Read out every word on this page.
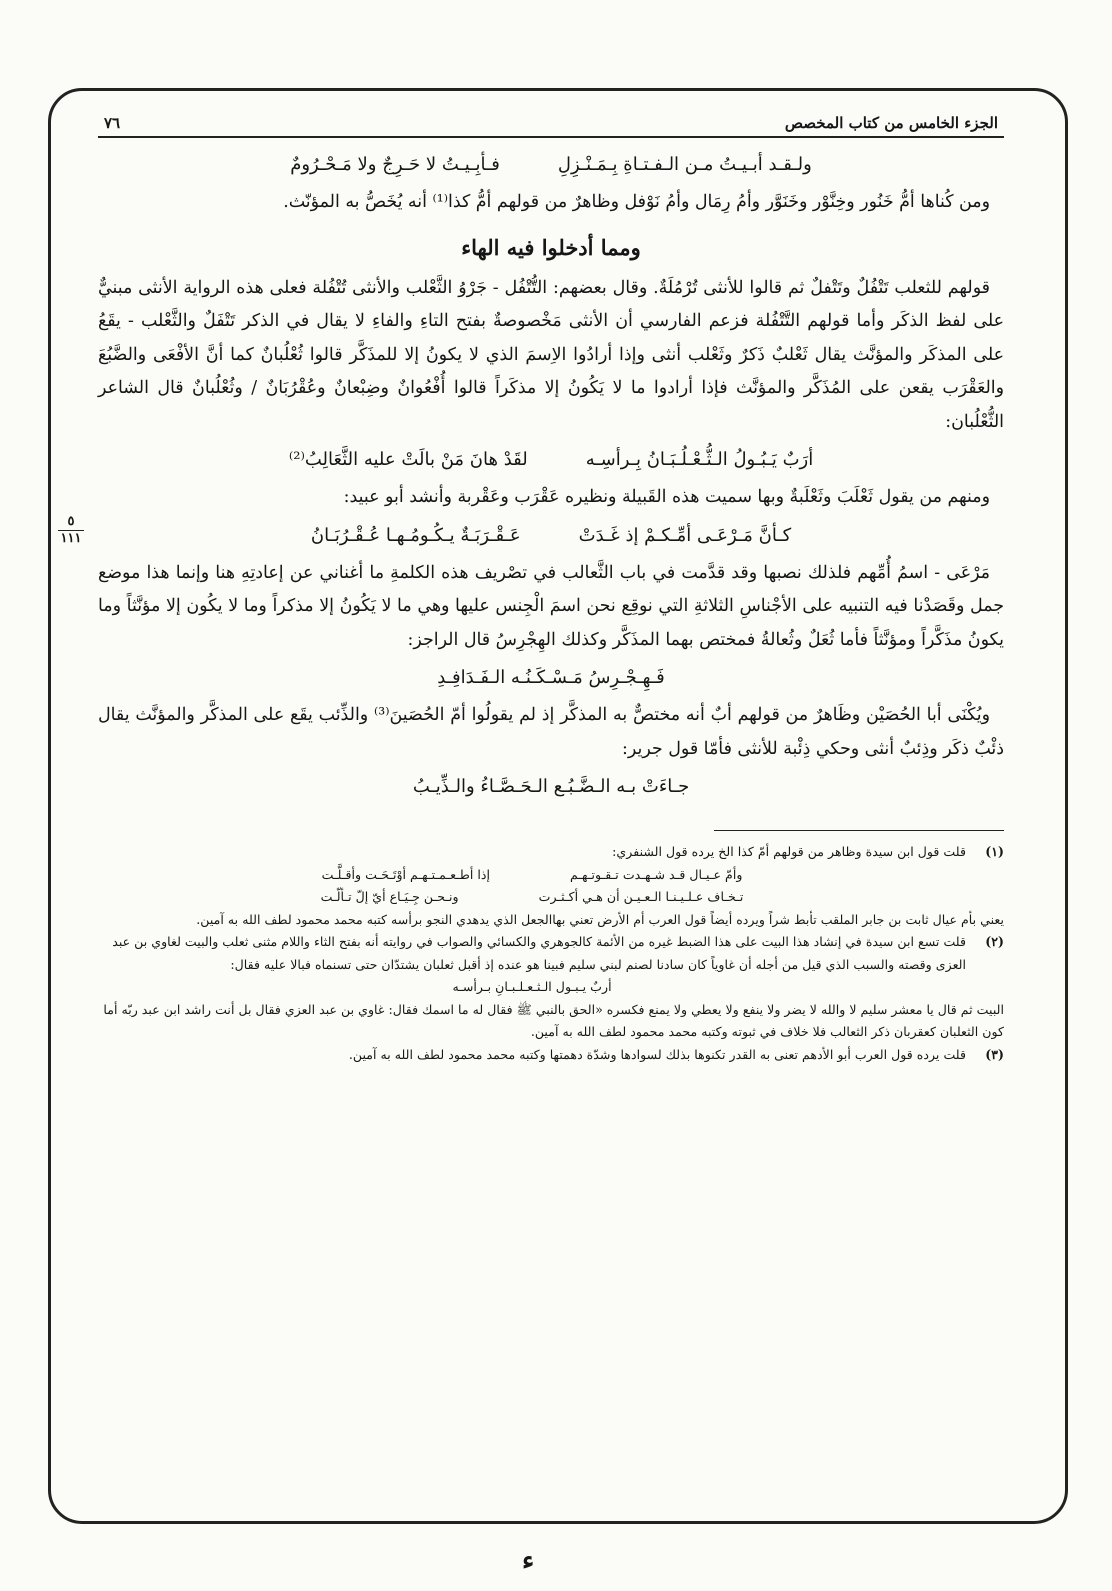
٥
١١١
الجزء الخامس من كتاب المخصص
٧٦
ولـقـد أبـيـتُ مـن الـفـتـاةِ بِـمَـنْـزِلِ
فـأبِـيـتُ لا حَـرِجٌ ولا مَـحْـرُومٌ

ومن كُناها أمُّ خَنُور وخِنَّوْر وخَنَوَّر وأمُ رِمَال وأمُ نَوْفل وظاهرٌ من قولهم أمُّ كذا⁽¹⁾ أنه يُخَصُّ به المؤنّث.

ومما أدخلوا فيه الهاء

قولهم للثعلب تَتْفُلٌ وتَتْفلٌ ثم قالوا للأنثى تُرْمُلَةٌ. وقال بعضهم: التُّتْفُل - جَرْوُ الثَّعْلب والأنثى تُتْفُلة فعلى هذه الرواية الأنثى مبنيٌّ على لفظ الذكَر وأما قولهم التَّتْفُلة فزعم الفارسي أن الأنثى مَخْصوصةٌ بفتح التاءِ والفاءِ لا يقال في الذكر تَتْفَلٌ والثَّعْلب - يقَعُ على المذكَر والمؤنَّث يقال ثَعْلبٌ ذَكرٌ وثَعْلب أنثى وإذا أرادُوا الاِسمَ الذي لا يكونُ إلا للمذَكَّر قالوا ثُعْلُبانٌ كما أنَّ الأفْعَى والضَّبُعَ والعَقْرَب يقعن على المُذَكَّر والمؤنَّث فإذا أرادوا ما لا يَكُونُ إلا مذكَراً قالوا أُفْعُوانٌ وضِبْعانٌ وعُقْرُبَانٌ / وثُعْلُبانٌ قال الشاعر الثُّعْلُبان:

أرَبٌ يَـبُـولُ الـثُّـعْـلُـبَـانُ بِـرأسِـه
لقَدْ هانَ مَنْ بالَتْ عليه الثَّعَالِبُ⁽²⁾

ومنهم من يقول ثَعْلَبَ وثَعْلَبةٌ وبها سميت هذه القَبيلة ونظيره عَقْرَب وعَقْربة وأنشد أبو عبيد:

كـأنَّ مَـرْعَـى أمِّـكـمْ إذ غَـدَتْ
عَـقْـرَبَـةٌ يـكُـومُـهـا عُـقْـرُبَـانُ

مَرْعَى - اسمُ أُمِّهم فلذلك نصبها وقد قدَّمت في باب الثَّعالب في تصْريف هذه الكلمةِ ما أغناني عن إعادتِهِ هنا وإنما هذا موضع جمل وقَصَدْنا فيه التنبيه على الأجْناسِ الثلاثةِ التي نوقِع نحن اسمَ الْجِنس عليها وهي ما لا يَكُونُ إلا مذكراً وما لا يكُون إلا مؤنَّثاً وما يكونُ مذَكَّراً ومؤنَّثاً فأما ثُعَلٌ وثُعالةُ فمختص بهما المذَكَّر وكذلك الهِجْرِسُ قال الراجز:

فَـهِـجْـرِسُ مَـسْـكَـنُـه الـفَـدَافِـدِ

ويُكْنَى أبا الحُصَيْن وظَاهرٌ من قولهم أبٌ أنه مختصٌّ به المذكَّر إذ لم يقولُوا أمّ الحُصَينَ⁽³⁾ والذِّئب يقَع على المذكَّر والمؤنَّث يقال ذئْبٌ ذكَر وذِئبٌ أنثى وحكي ذِئْبة للأنثى فأمّا قول جرير:

جـاءَتْ بـه الـضَّـبُـع الـحَـصَّـاءُ والـذِّيـبُ
(١)
قلت قول ابن سيدة وظاهر من قولهم أمّ كذا الخ يرده قول الشنفري:
وأمّ عـيـال قـد شـهـدت تـقـوتـهـم
إذا أطـعـمـتـهـم أوْتَـحَـت وأقـلَّـت
تـخـاف عـلـيـنـا الـعـيـن أن هـي أكـثـرت
ونـحـن جِـيَـاع أيّ إلّ تـألّـت
يعني بأم عيال ثابت بن جابر الملقب تأبط شراً ويرده أيضاً قول العرب أم الأرض تعني بهاالجعل الذي يدهدي النجو برأسه كتبه محمد محمود لطف الله به آمين.
(٢)
قلت تسع ابن سيدة في إنشاد هذا البيت على هذا الضبط غيره من الأئمة كالجوهري والكسائي والصواب في روايته أنه بفتح الثاء واللام مثنى ثعلب والبيت لغاوي بن عبد العزى وقصته والسبب الذي قيل من أجله أن غاوياً كان سادنا لصنم لبني سليم فبينا هو عنده إذ أقبل ثعلبان يشتدّان حتى تسنماه فبالا عليه فقال:
أربٌ يـبـول الـثـعـلـبـانِ بـرأسـه
البيت ثم قال يا معشر سليم لا والله لا يضر ولا ينفع ولا يعطي ولا يمنع فكسره «الحق بالنبي ﷺ فقال له ما اسمك فقال: غاوي بن عبد العزي فقال بل أنت راشد ابن عبد ربّه أما كون الثعلبان كعقربان ذكر الثعالب فلا خلاف في ثبوته وكتبه محمد محمود لطف الله به آمين.
(٣)
قلت يرده قول العرب أبو الأدهم تعنى به القدر تكنوها بذلك لسوادها وشدّة دهمتها وكتبه محمد محمود لطف الله به آمين.
ء
